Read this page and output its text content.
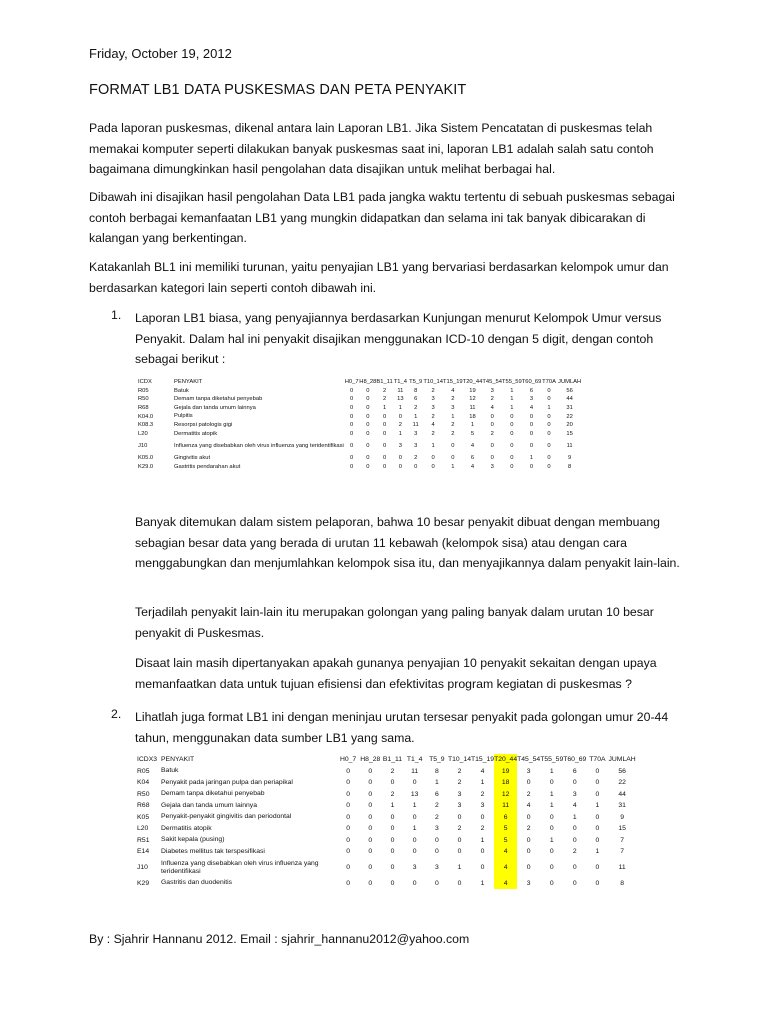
Friday, October 19, 2012
FORMAT LB1 DATA PUSKESMAS DAN PETA PENYAKIT
Pada laporan puskesmas, dikenal antara lain Laporan LB1. Jika Sistem Pencatatan di puskesmas telah memakai komputer seperti dilakukan banyak puskesmas saat ini, laporan LB1 adalah salah satu contoh bagaimana dimungkinkan hasil pengolahan data disajikan untuk melihat berbagai hal.
Dibawah ini disajikan hasil pengolahan Data LB1 pada jangka waktu tertentu di sebuah puskesmas sebagai contoh berbagai kemanfaatan LB1 yang mungkin didapatkan dan selama ini tak banyak dibicarakan di kalangan yang berkentingan.
Katakanlah BL1 ini memiliki turunan, yaitu penyajian LB1 yang bervariasi berdasarkan kelompok umur dan berdasarkan kategori lain seperti contoh dibawah ini.
1. Laporan LB1 biasa, yang penyajiannya berdasarkan Kunjungan menurut Kelompok Umur versus Penyakit. Dalam hal ini penyakit disajikan menggunakan ICD-10 dengan 5 digit, dengan contoh sebagai berikut :
ICDX	PENYAKIT	H0_7	H8_28	B1_11	T1_4	T5_9	T10_14	T15_19	T20_44	T45_54	T55_59	T60_69	T70A	JUMLAH
R05	Batuk	0	0	2	11	8	2	4	19	3	1	6	0	56
R50	Demam tanpa diketahui penyebab	0	0	2	13	6	3	2	12	2	1	3	0	44
R68	Gejala dan tanda umum lainnya	0	0	1	1	2	3	3	11	4	1	4	1	31
K04.0	Pulpitis	0	0	0	0	1	2	1	18	0	0	0	0	22
K08.3	Resorpsi patologis gigi	0	0	0	2	11	4	2	1	0	0	0	0	20
L20	Dermatitis atopik	0	0	0	1	3	2	2	5	2	0	0	0	15
J10	Influenza yang disebabkan oleh virus influenza yang teridentifikasi	0	0	0	3	3	1	0	4	0	0	0	0	11
K05.0	Gingivitis akut	0	0	0	0	2	0	0	6	0	0	1	0	9
K29.0	Gastritis pendarahan akut	0	0	0	0	0	0	1	4	3	0	0	0	8
Banyak ditemukan dalam sistem pelaporan, bahwa 10 besar penyakit dibuat dengan membuang sebagian besar data yang berada di urutan 11 kebawah (kelompok sisa) atau dengan cara menggabungkan dan menjumlahkan kelompok sisa itu, dan menyajikannya dalam penyakit lain-lain.
Terjadilah penyakit lain-lain itu merupakan golongan yang paling banyak dalam urutan 10 besar penyakit di Puskesmas.
Disaat lain masih dipertanyakan apakah gunanya penyajian 10 penyakit sekaitan dengan upaya memanfaatkan data untuk tujuan efisiensi dan efektivitas program kegiatan di puskesmas ?
2. Lihatlah juga format LB1 ini dengan meninjau urutan tersesar penyakit pada golongan umur 20-44 tahun, menggunakan data sumber LB1 yang sama.
ICDX3	PENYAKIT	H0_7	H8_28	B1_11	T1_4	T5_9	T10_14	T15_19	T20_44	T45_54	T55_59	T60_69	T70A	JUMLAH
R05	Batuk	0	0	2	11	8	2	4	19	3	1	6	0	56
K04	Penyakit pada jaringan pulpa dan periapikal	0	0	0	0	1	2	1	18	0	0	0	0	22
R50	Demam tanpa diketahui penyebab	0	0	2	13	6	3	2	12	2	1	3	0	44
R68	Gejala dan tanda umum lainnya	0	0	1	1	2	3	3	11	4	1	4	1	31
K05	Penyakit-penyakit gingivitis dan periodontal	0	0	0	0	2	0	0	6	0	0	1	0	9
L20	Dermatitis atopik	0	0	0	1	3	2	2	5	2	0	0	0	15
R51	Sakit kepala (pusing)	0	0	0	0	0	0	1	5	0	1	0	0	7
E14	Diabetes mellitus tak terspesifikasi	0	0	0	0	0	0	0	4	0	0	2	1	7
J10	Influenza yang disebabkan oleh virus influenza yang teridentifikasi	0	0	0	3	3	1	0	4	0	0	0	0	11
K29	Gastritis dan duodenitis	0	0	0	0	0	0	1	4	3	0	0	0	8
By : Sjahrir Hannanu 2012. Email : sjahrir_hannanu2012@yahoo.com
